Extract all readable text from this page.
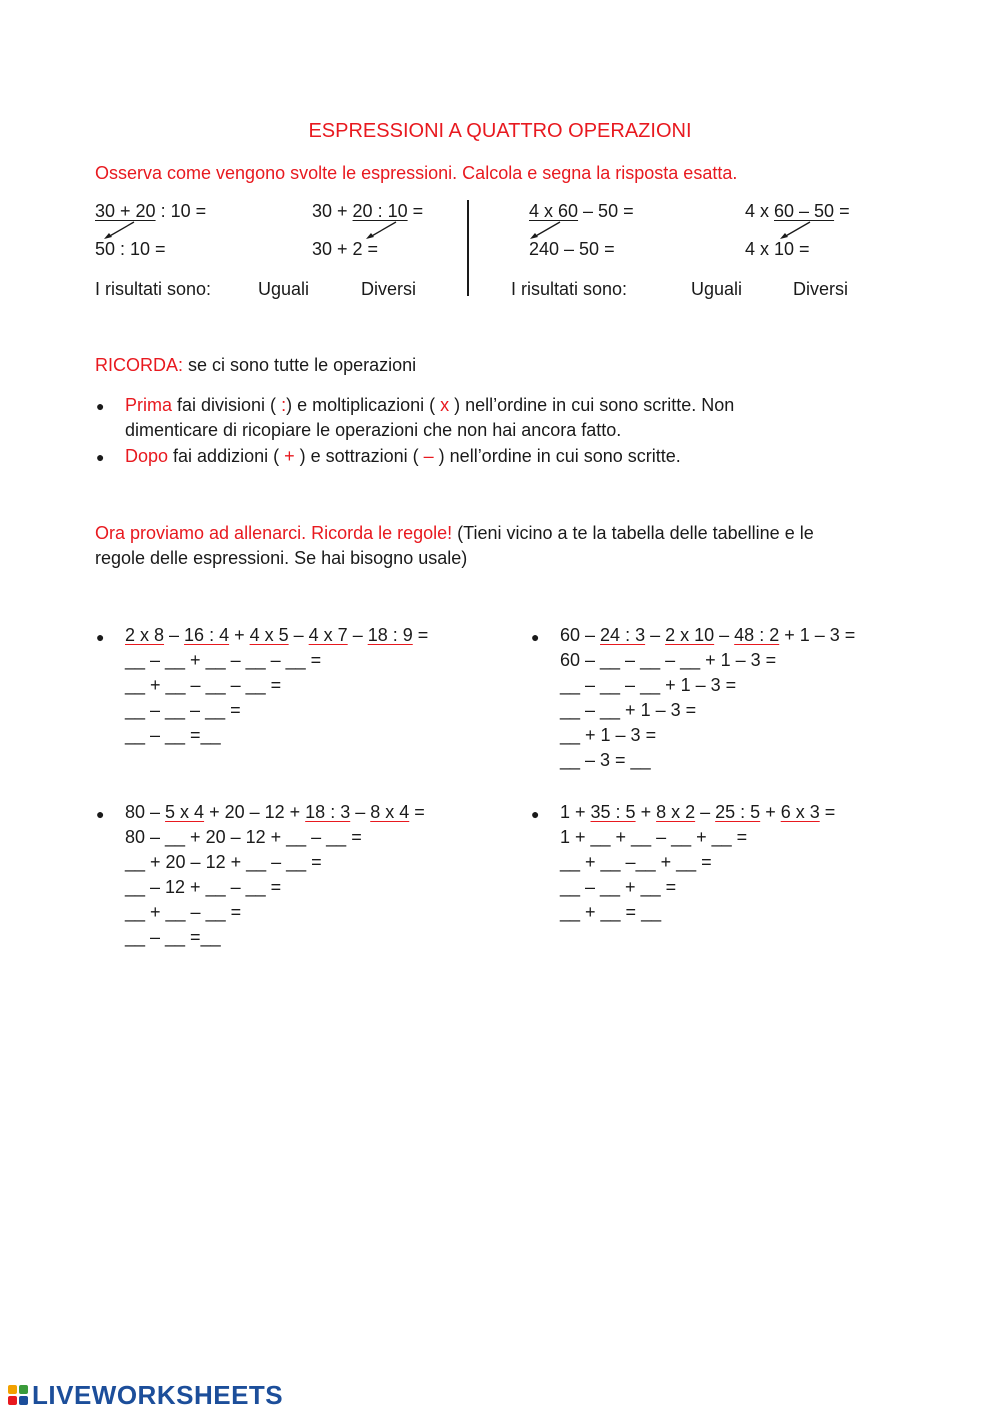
ESPRESSIONI A QUATTRO OPERAZIONI
Osserva come vengono svolte le espressioni. Calcola e segna la risposta esatta.
30 + 20 : 10 =
50 : 10 =
30 + 20 : 10 =
30 + 2 =
I risultati sono:	Uguali	Diversi
4 x 60 – 50 =
240 – 50 =
4 x 60 – 50 =
4 x 10 =
I risultati sono:	Uguali	Diversi
RICORDA: se ci sono tutte le operazioni
● Prima fai divisioni ( :) e moltiplicazioni ( x ) nell’ordine in cui sono scritte. Non
dimenticare di ricopiare le operazioni che non hai ancora fatto.
● Dopo fai addizioni ( + ) e sottrazioni ( – ) nell’ordine in cui sono scritte.
Ora proviamo ad allenarci. Ricorda le regole! (Tieni vicino a te la tabella delle tabelline e le
regole delle espressioni. Se hai bisogno usale)
● 2 x 8 – 16 : 4 + 4 x 5 – 4 x 7 – 18 : 9 =
__ – __ + __ – __ – __ =
__ + __ – __ – __ =
__ – __ – __ =
__ – __ =__
● 60 – 24 : 3 – 2 x 10 – 48 : 2 + 1 – 3 =
60 – __ – __ – __ + 1 – 3 =
__ – __ – __ + 1 – 3 =
__ – __ + 1 – 3 =
__ + 1 – 3 =
__ – 3 = __
● 80 – 5 x 4 + 20 – 12 + 18 : 3 – 8 x 4 =
80 – __ + 20 – 12 + __ – __ =
__ + 20 – 12 + __ – __ =
__ – 12 + __ – __ =
__ + __ – __ =
__ – __ =__
● 1 + 35 : 5 + 8 x 2 – 25 : 5 + 6 x 3 =
1 + __ + __ – __ + __ =
__ + __ –__ + __ =
__ – __ + __ =
__ + __ = __
LIVEWORKSHEETS
